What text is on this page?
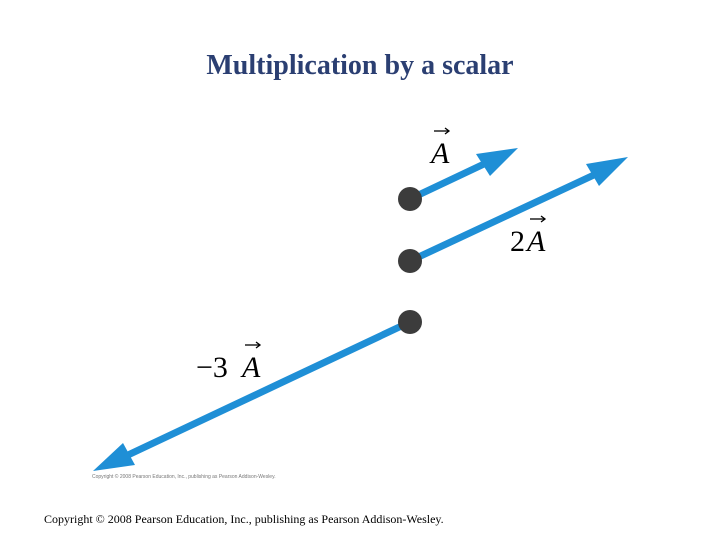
Multiplication by a scalar
A
2 A
−3 A
Copyright © 2008 Pearson Education, Inc., publishing as Pearson Addison-Wesley.
Copyright © 2008 Pearson Education, Inc., publishing as Pearson Addison-Wesley.
